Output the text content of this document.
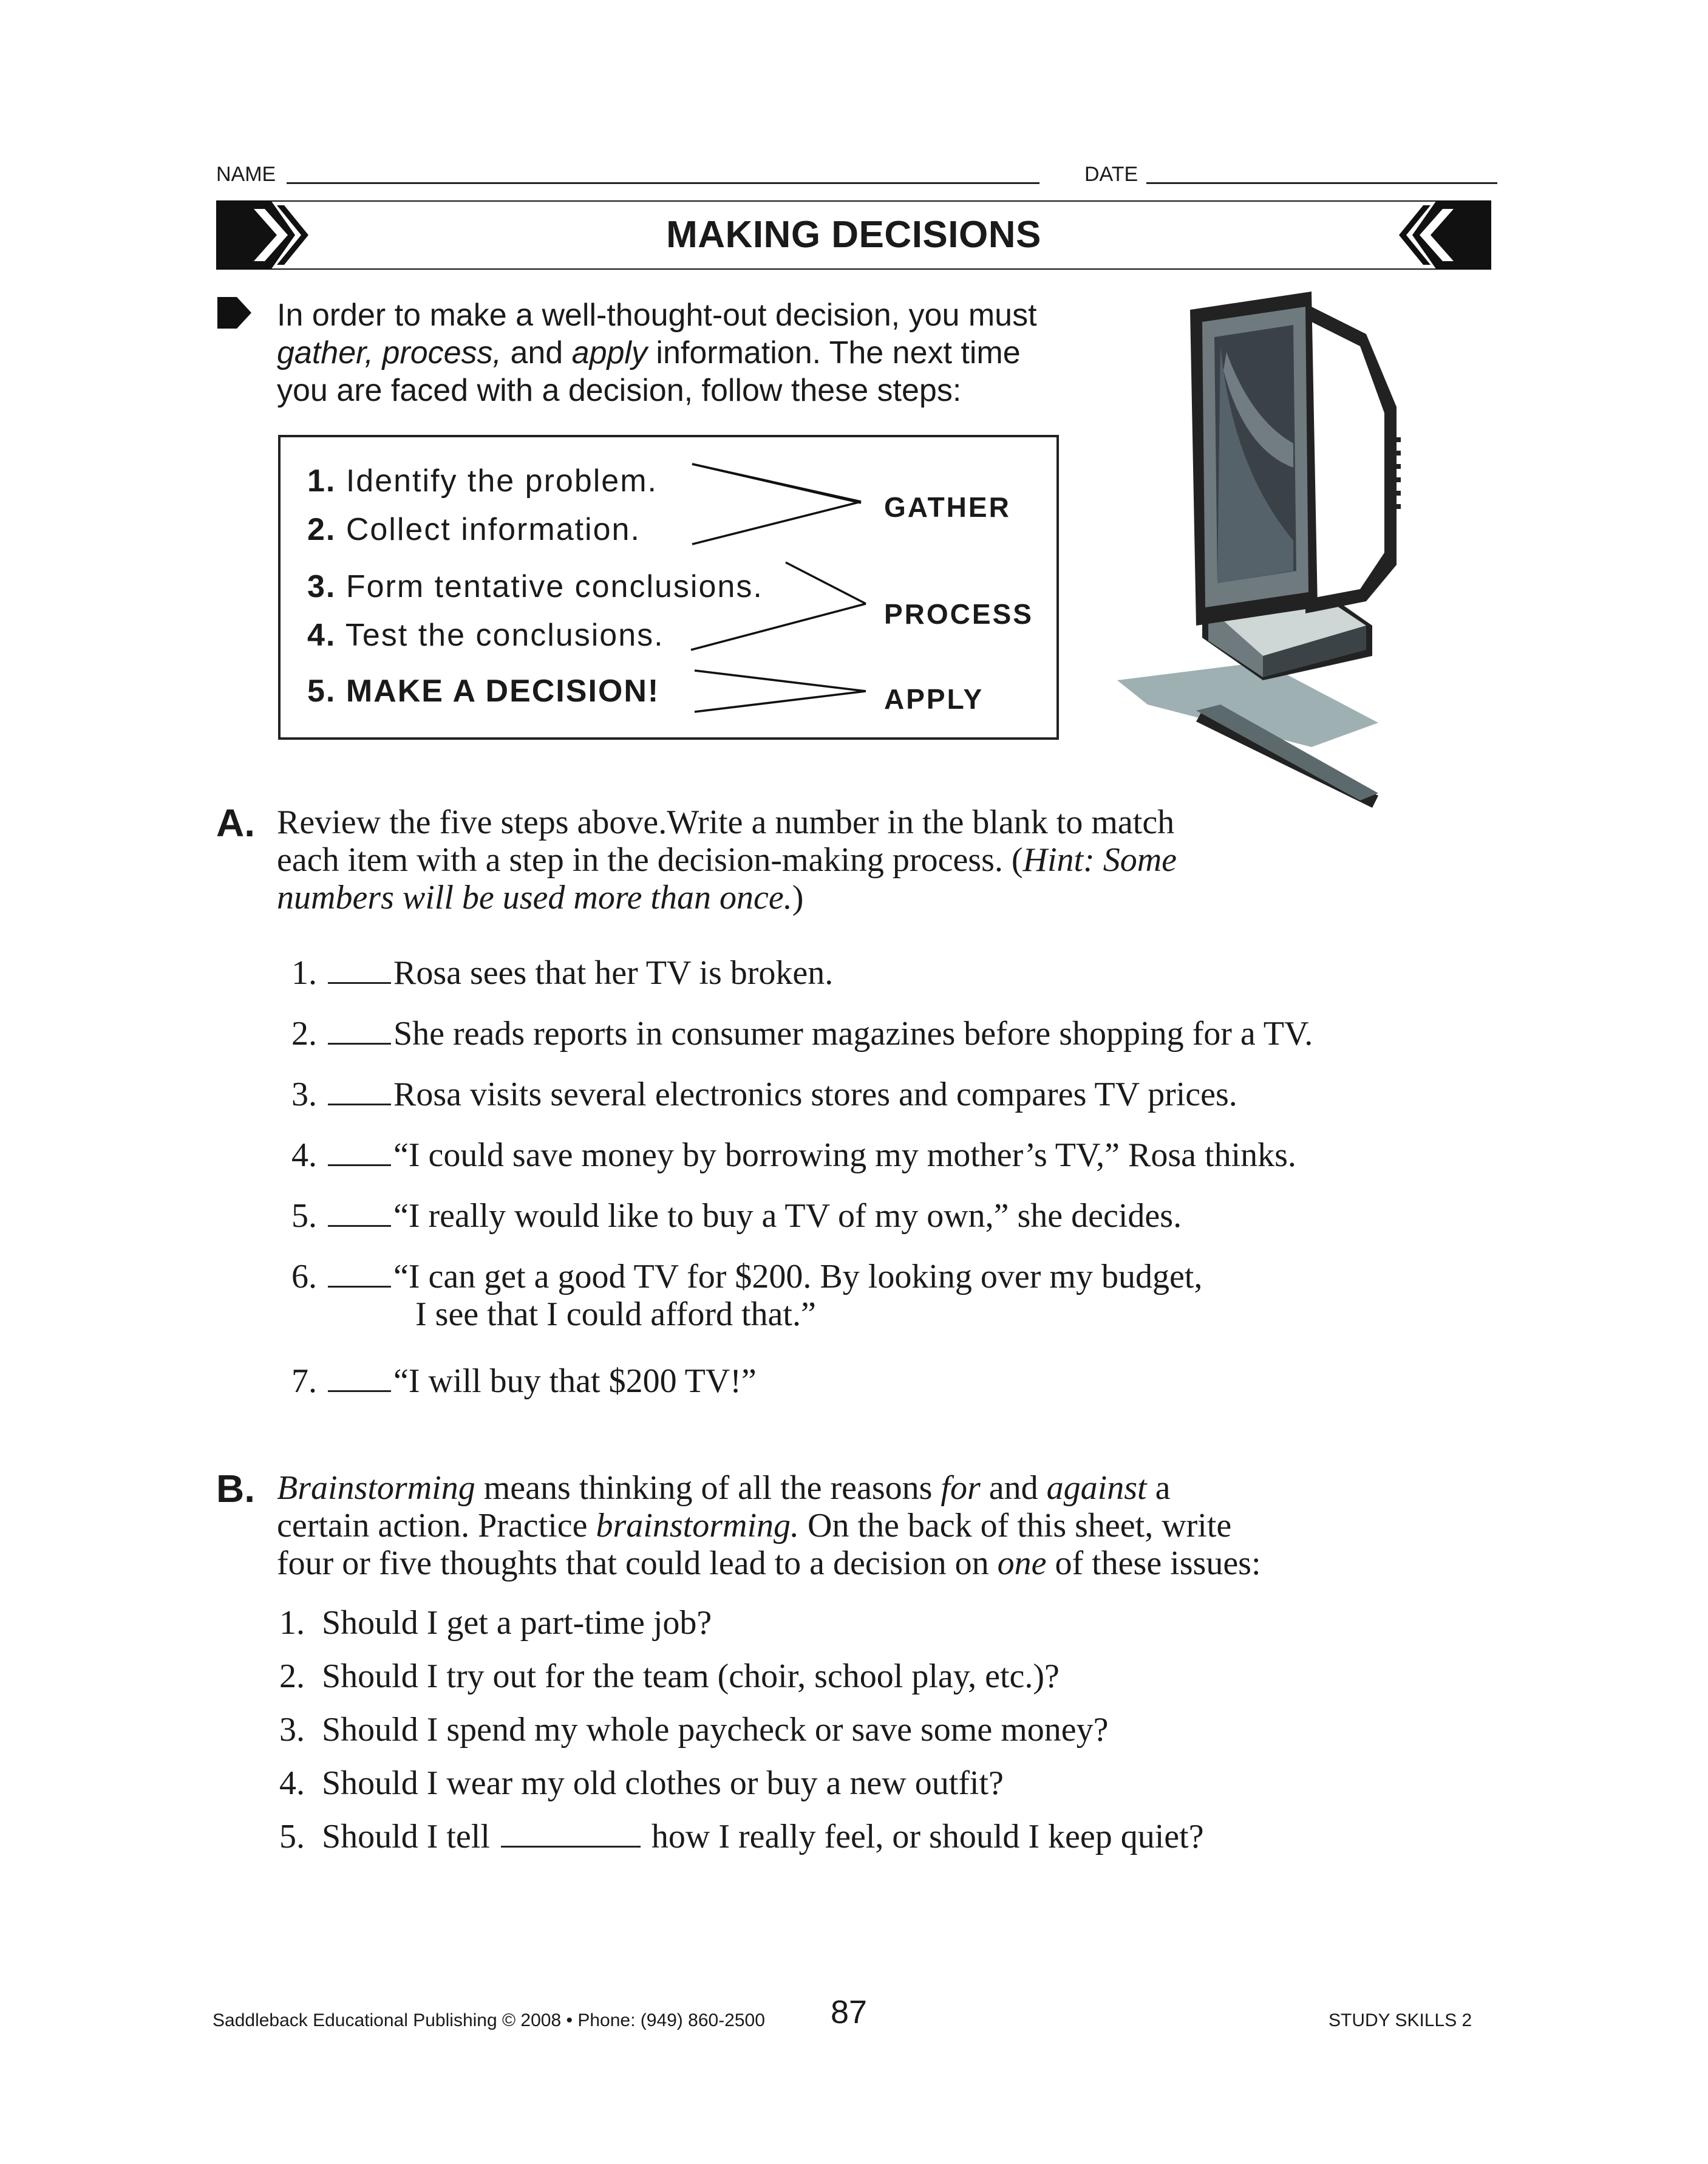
NAME	DATE
MAKING DECISIONS
In order to make a well-thought-out decision, you must
gather, process, and apply information. The next time
you are faced with a decision, follow these steps:
1. Identify the problem.
2. Collect information.
3. Form tentative conclusions.
4. Test the conclusions.
5. MAKE A DECISION!
GATHER
PROCESS
APPLY
A. Review the five steps above.Write a number in the blank to match
each item with a step in the decision-making process. (Hint: Some
numbers will be used more than once.)
1. Rosa sees that her TV is broken.
2. She reads reports in consumer magazines before shopping for a TV.
3. Rosa visits several electronics stores and compares TV prices.
4. “I could save money by borrowing my mother’s TV,” Rosa thinks.
5. “I really would like to buy a TV of my own,” she decides.
6. “I can get a good TV for $200. By looking over my budget,
I see that I could afford that.”
7. “I will buy that $200 TV!”
B. Brainstorming means thinking of all the reasons for and against a
certain action. Practice brainstorming. On the back of this sheet, write
four or five thoughts that could lead to a decision on one of these issues:
1. Should I get a part-time job?
2. Should I try out for the team (choir, school play, etc.)?
3. Should I spend my whole paycheck or save some money?
4. Should I wear my old clothes or buy a new outfit?
5. Should I tell	how I really feel, or should I keep quiet?
Saddleback Educational Publishing © 2008 • Phone: (949) 860-2500 87	STUDY SKILLS 2
